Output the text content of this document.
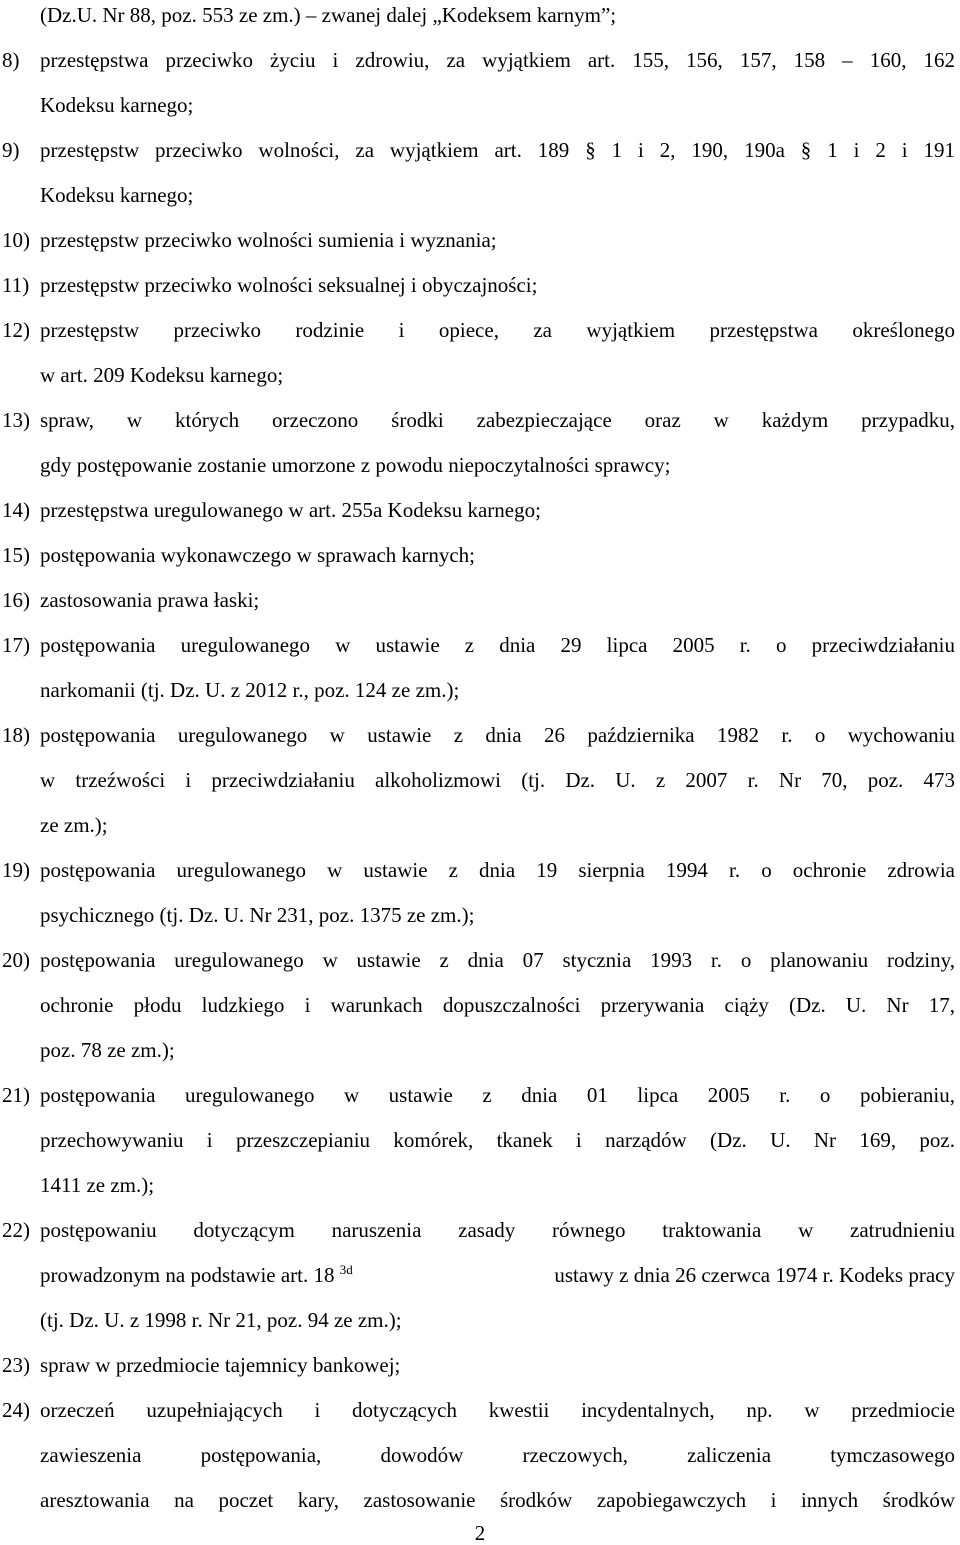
(Dz.U. Nr 88, poz. 553 ze zm.) – zwanej dalej „Kodeksem karnym”;
8) przestępstwa przeciwko życiu i zdrowiu, za wyjątkiem art. 155, 156, 157, 158 – 160, 162
Kodeksu karnego;
9) przestępstw przeciwko wolności, za wyjątkiem art. 189 § 1 i 2, 190, 190a § 1 i 2 i 191
Kodeksu karnego;
10) przestępstw przeciwko wolności sumienia i wyznania;
11) przestępstw przeciwko wolności seksualnej i obyczajności;
12) przestępstw przeciwko rodzinie i opiece, za wyjątkiem przestępstwa określonego
w art. 209 Kodeksu karnego;
13) spraw, w których orzeczono środki zabezpieczające oraz w każdym przypadku,
gdy postępowanie zostanie umorzone z powodu niepoczytalności sprawcy;
14) przestępstwa uregulowanego w art. 255a Kodeksu karnego;
15) postępowania wykonawczego w sprawach karnych;
16) zastosowania prawa łaski;
17) postępowania uregulowanego w ustawie z dnia 29 lipca 2005 r. o przeciwdziałaniu
narkomanii (tj. Dz. U. z 2012 r., poz. 124 ze zm.);
18) postępowania uregulowanego w ustawie z dnia 26 października 1982 r. o wychowaniu
w trzeźwości i przeciwdziałaniu alkoholizmowi (tj. Dz. U. z 2007 r. Nr 70, poz. 473
ze zm.);
19) postępowania uregulowanego w ustawie z dnia 19 sierpnia 1994 r. o ochronie zdrowia
psychicznego (tj. Dz. U. Nr 231, poz. 1375 ze zm.);
20) postępowania uregulowanego w ustawie z dnia 07 stycznia 1993 r. o planowaniu rodziny,
ochronie płodu ludzkiego i warunkach dopuszczalności przerywania ciąży (Dz. U. Nr 17,
poz. 78 ze zm.);
21) postępowania uregulowanego w ustawie z dnia 01 lipca 2005 r. o pobieraniu,
przechowywaniu i przeszczepianiu komórek, tkanek i narządów (Dz. U. Nr 169, poz.
1411 ze zm.);
22) postępowaniu dotyczącym naruszenia zasady równego traktowania w zatrudnieniu
prowadzonym na podstawie art. 18 $^{3d}$	ustawy z dnia 26 czerwca 1974 r. Kodeks pracy
(tj. Dz. U. z 1998 r. Nr 21, poz. 94 ze zm.);
23) spraw w przedmiocie tajemnicy bankowej;
24) orzeczeń uzupełniających i dotyczących kwestii incydentalnych, np. w przedmiocie
zawieszenia postępowania, dowodów rzeczowych, zaliczenia tymczasowego
aresztowania na poczet kary, zastosowanie środków zapobiegawczych i innych środków
2
